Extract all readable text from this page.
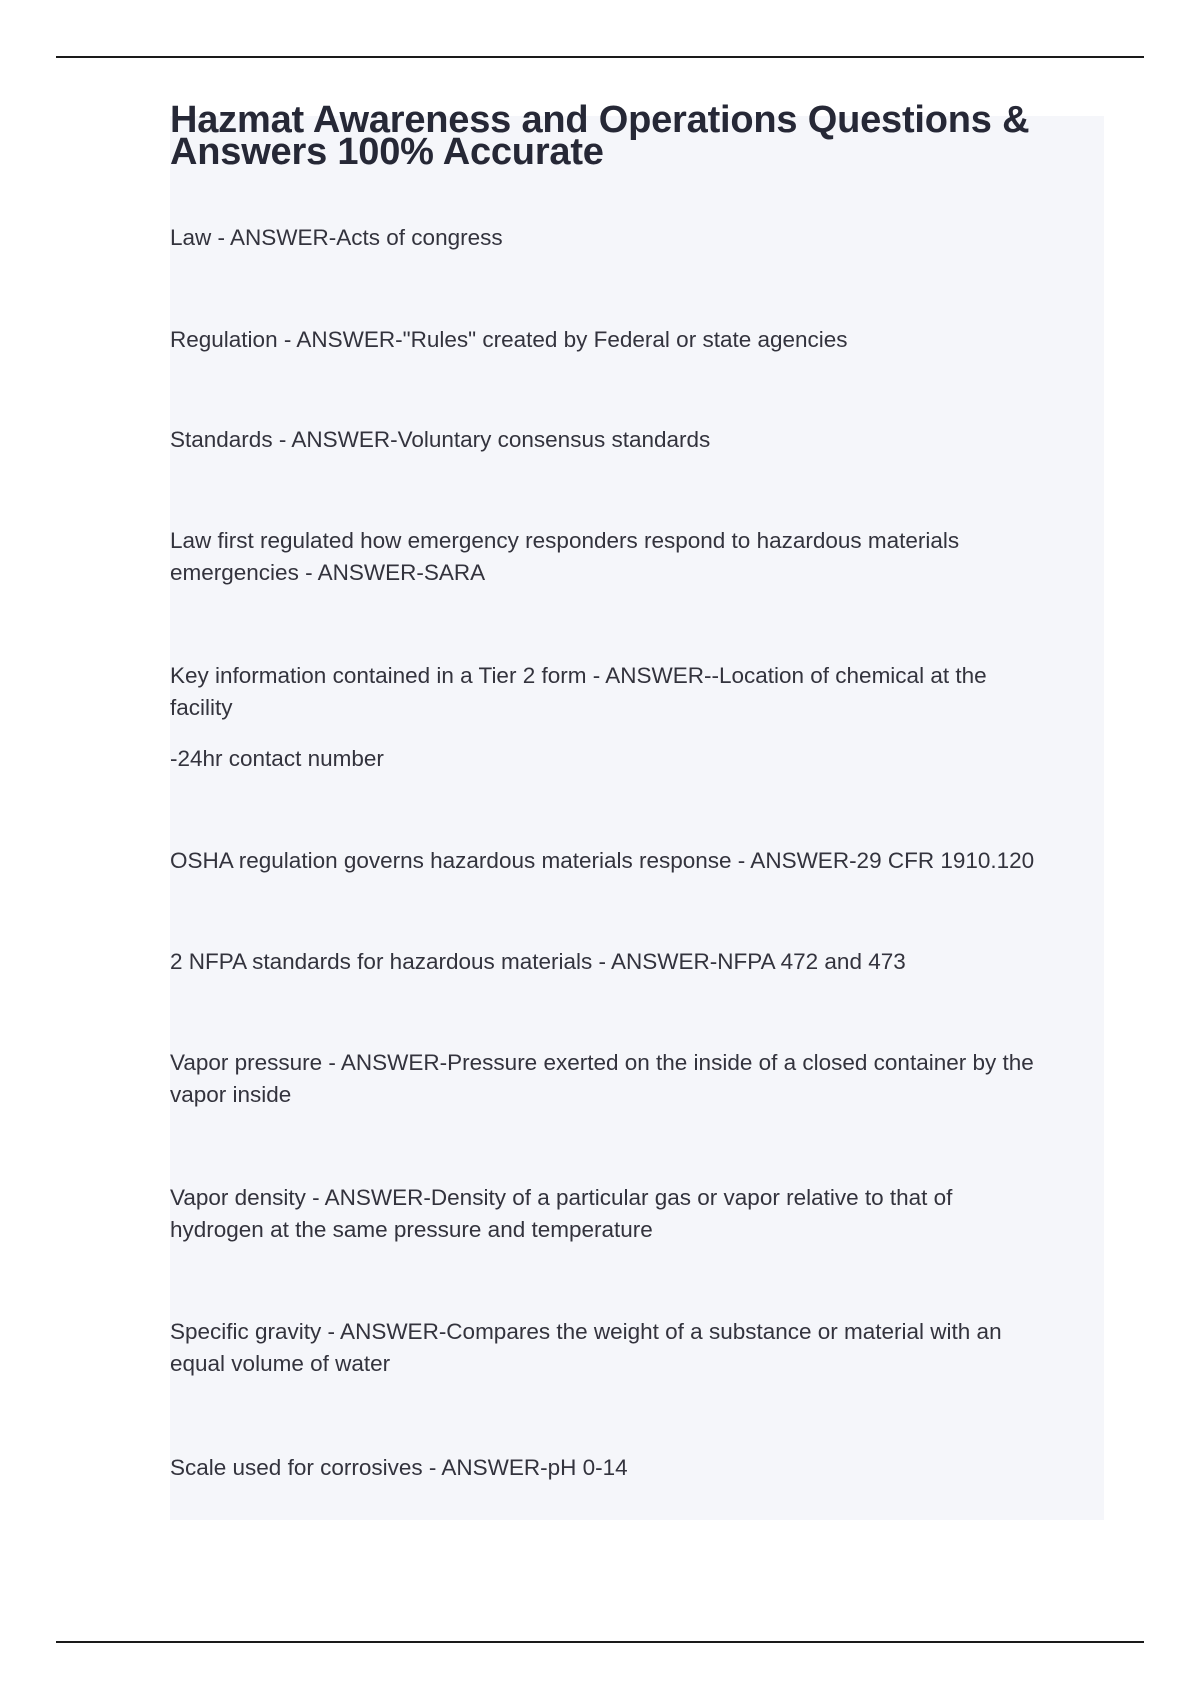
Hazmat Awareness and Operations Questions &
Answers 100% Accurate

Law - ANSWER-Acts of congress

Regulation - ANSWER-"Rules" created by Federal or state agencies

Standards - ANSWER-Voluntary consensus standards

Law first regulated how emergency responders respond to hazardous materials
emergencies - ANSWER-SARA

Key information contained in a Tier 2 form - ANSWER--Location of chemical at the
facility

-24hr contact number

OSHA regulation governs hazardous materials response - ANSWER-29 CFR 1910.120

2 NFPA standards for hazardous materials - ANSWER-NFPA 472 and 473

Vapor pressure - ANSWER-Pressure exerted on the inside of a closed container by the
vapor inside

Vapor density - ANSWER-Density of a particular gas or vapor relative to that of
hydrogen at the same pressure and temperature

Specific gravity - ANSWER-Compares the weight of a substance or material with an
equal volume of water

Scale used for corrosives - ANSWER-pH 0-14
